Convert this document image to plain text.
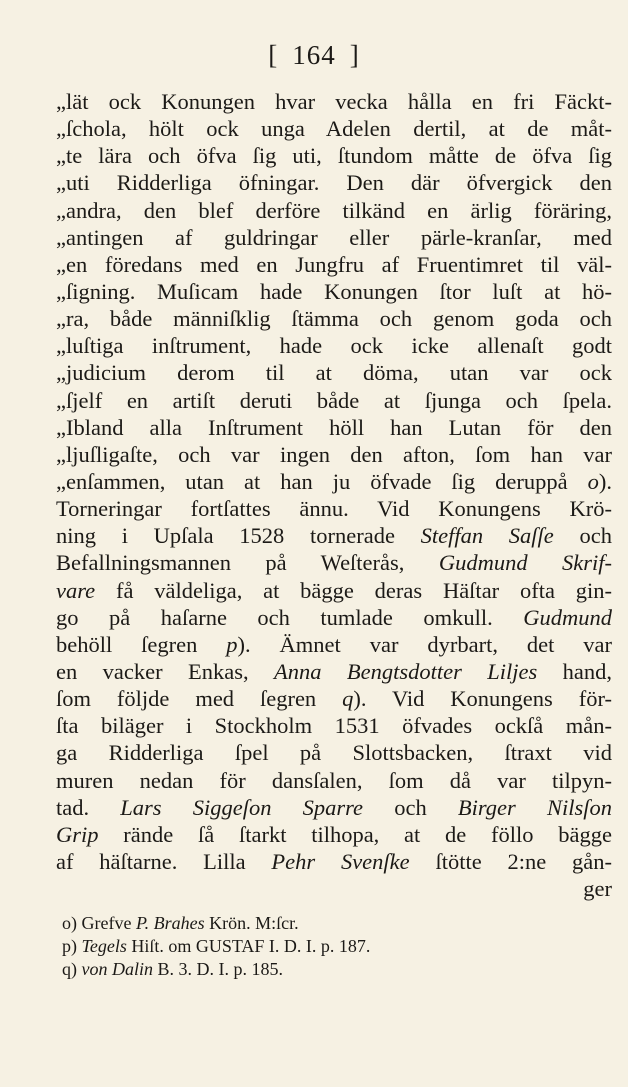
[ 164 ]
„lät ock Konungen hvar vecka hålla en fri Fäckt-
„ſchola, hölt ock unga Adelen dertil, at de måt-
„te lära och öfva ſig uti, ſtundom måtte de öfva ſig
„uti Ridderliga öfningar. Den där öfvergick den
„andra, den blef derföre tilkänd en ärlig föräring,
„antingen af guldringar eller pärle-kranſar, med
„en föredans med en Jungfru af Fruentimret til väl-
„ſigning. Muſicam hade Konungen ſtor luſt at hö-
„ra, både männiſklig ſtämma och genom goda och
„luſtiga inſtrument, hade ock icke allenaſt godt
„judicium derom til at döma, utan var ock
„ſjelf en artiſt deruti både at ſjunga och ſpela.
„Ibland alla Inſtrument höll han Lutan för den
„ljuſligaſte, och var ingen den afton, ſom han var
„enſammen, utan at han ju öfvade ſig deruppå o).
Torneringar fortſattes ännu. Vid Konungens Krö-
ning i Upſala 1528 tornerade Steffan Saſſe och
Befallningsmannen på Weſterås, Gudmund Skrif-
vare få väldeliga, at bägge deras Häſtar ofta gin-
go på haſarne och tumlade omkull. Gudmund
behöll ſegren p). Ämnet var dyrbart, det var
en vacker Enkas, Anna Bengtsdotter Liljes hand,
ſom följde med ſegren q). Vid Konungens för-
ſta biläger i Stockholm 1531 öfvades ockſå mån-
ga Ridderliga ſpel på Slottsbacken, ſtraxt vid
muren nedan för dansſalen, ſom då var tilpyn-
tad. Lars Siggeſon Sparre och Birger Nilsſon
Grip rände ſå ſtarkt tilhopa, at de föllo bägge
af häſtarne. Lilla Pehr Svenſke ſtötte 2:ne gån-
ger
o) Grefve P. Brahes Krön. M:ſcr.
p) Tegels Hiſt. om GUSTAF I. D. I. p. 187.
q) von Dalin B. 3. D. I. p. 185.
